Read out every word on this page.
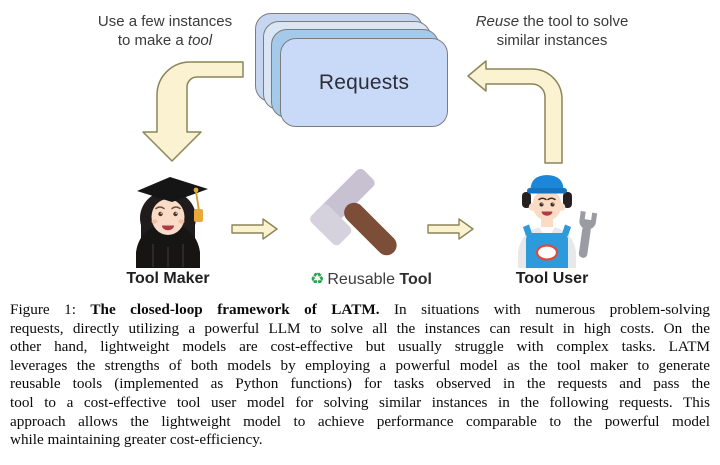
Requests
Use a few instances
to make a tool
Reuse the tool to solve
similar instances
Tool Maker	♻ Reusable Tool	Tool User
Figure 1: The closed-loop framework of LATM. In situations with numerous problem-solving
requests, directly utilizing a powerful LLM to solve all the instances can result in high costs. On the
other hand, lightweight models are cost-effective but usually struggle with complex tasks. LATM
leverages the strengths of both models by employing a powerful model as the tool maker to generate
reusable tools (implemented as Python functions) for tasks observed in the requests and pass the
tool to a cost-effective tool user model for solving similar instances in the following requests. This
approach allows the lightweight model to achieve performance comparable to the powerful model
while maintaining greater cost-efficiency.
